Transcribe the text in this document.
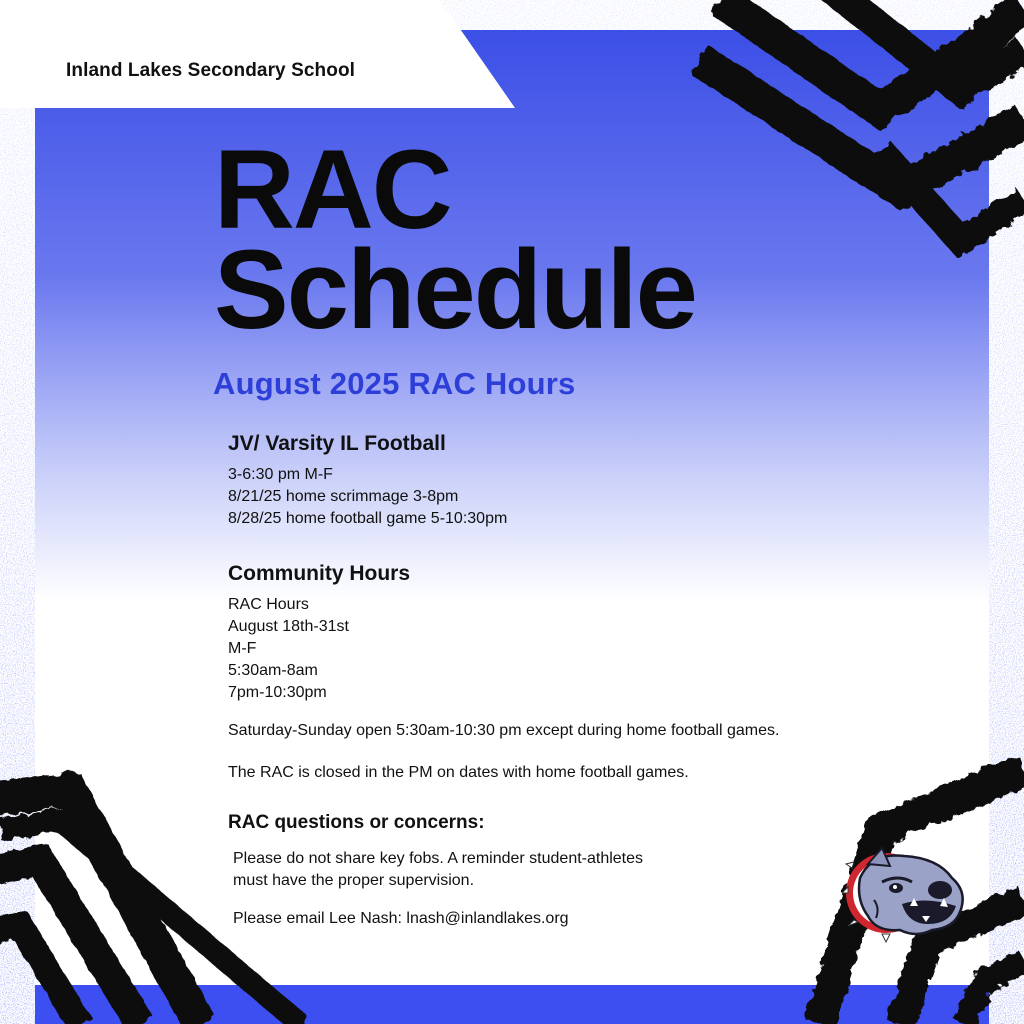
Inland Lakes Secondary School
RAC
Schedule
August 2025 RAC Hours
JV/ Varsity IL Football
3-6:30 pm M-F
8/21/25 home scrimmage 3-8pm
8/28/25 home football game 5-10:30pm
Community Hours
RAC Hours
August 18th-31st
M-F
5:30am-8am
7pm-10:30pm
Saturday-Sunday open 5:30am-10:30 pm except during home football games.
The RAC is closed in the PM on dates with home football games.
RAC questions or concerns:
Please do not share key fobs. A reminder student-athletes
must have the proper supervision.
Please email Lee Nash: lnash@inlandlakes.org
